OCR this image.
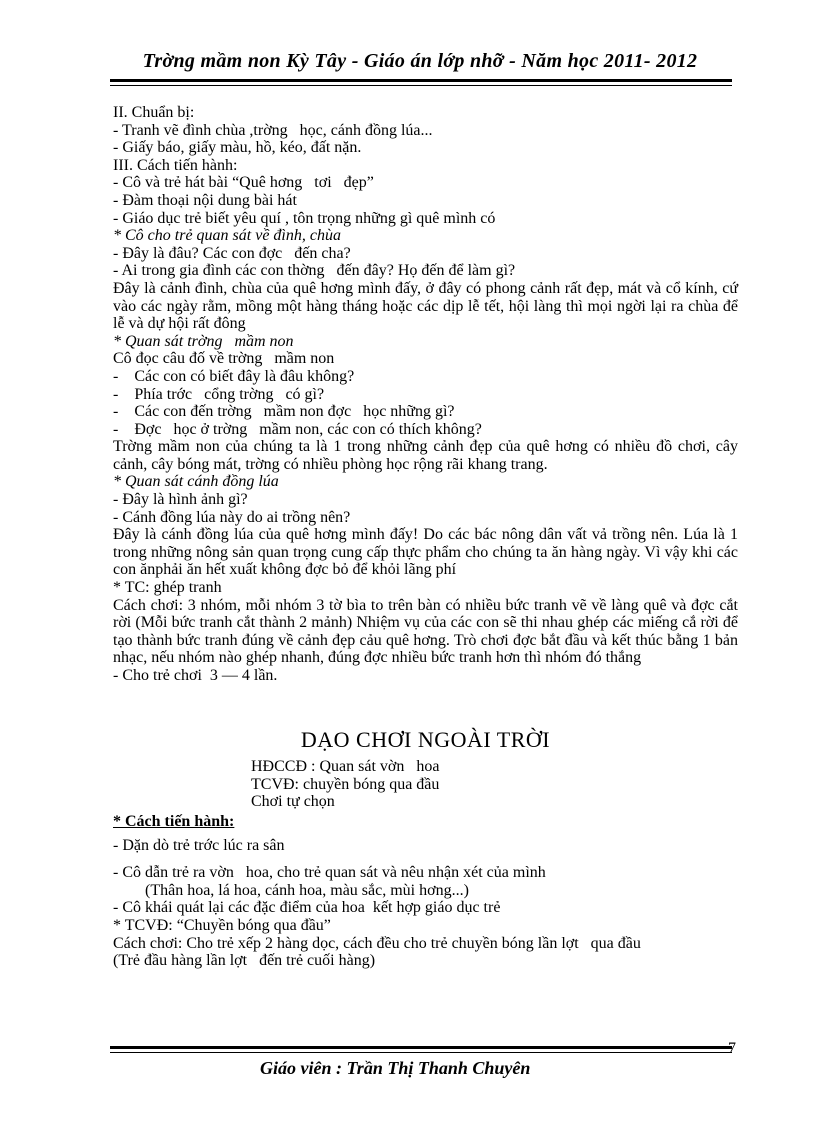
Trờng mầm non Kỳ Tây - Giáo án lớp nhỡ - Năm học 2011- 2012
II. Chuẩn bị:
- Tranh vẽ đình chùa ,trờng   học, cánh đồng lúa...
- Giấy báo, giấy màu, hồ, kéo, đất nặn.
III. Cách tiến hành:
- Cô và trẻ hát bài “Quê hơng   tơi   đẹp”
- Đàm thoại nội dung bài hát
- Giáo dục trẻ biết yêu quí , tôn trọng những gì quê mình có
* Cô cho trẻ quan sát về đình, chùa
- Đây là đâu? Các con đợc   đến cha?
- Ai trong gia đình các con thờng   đến đây? Họ đến để làm gì?
Đây là cảnh đình, chùa của quê hơng mình đấy, ở đây có phong cảnh rất đẹp, mát và cổ kính, cứ vào các ngày rằm, mồng một hàng tháng hoặc các dịp lễ tết, hội làng thì mọi ngời lại ra chùa để lễ và dự hội rất đông
* Quan sát trờng   mầm non
Cô đọc câu đố về trờng   mầm non
-    Các con có biết đây là đâu không?
-    Phía trớc   cổng trờng   có gì?
-    Các con đến trờng   mầm non đợc   học những gì?
-    Đợc   học ở trờng   mầm non, các con có thích không?
Trờng mầm non của chúng ta là 1 trong những cảnh đẹp của quê hơng có nhiều đồ chơi, cây cảnh, cây bóng mát, trờng có nhiều phòng học rộng rãi khang trang.
* Quan sát cánh đồng lúa
- Đây là hình ảnh gì?
- Cánh đồng lúa này do ai trồng nên?
Đây là cánh đồng lúa của quê hơng mình đấy! Do các bác nông dân vất vả trồng nên. Lúa là 1 trong những nông sản quan trọng cung cấp thực phẩm cho chúng ta ăn hàng ngày. Vì vậy khi các con ănphải ăn hết xuất không đợc bỏ để khỏi lãng phí
* TC: ghép tranh
Cách chơi: 3 nhóm, mỗi nhóm 3 tờ bìa to trên bàn có nhiều bức tranh vẽ về làng quê và đợc cắt rời (Mỗi bức tranh cắt thành 2 mảnh) Nhiệm vụ của các con sẽ thi nhau ghép các miếng cắ rời để tạo thành bức tranh đúng về cảnh đẹp cảu quê hơng. Trò chơi đợc bắt đầu và kết thúc bằng 1 bản nhạc, nếu nhóm nào ghép nhanh, đúng đợc nhiều bức tranh hơn thì nhóm đó thắng
- Cho trẻ chơi  3 — 4 lần.
DẠO CHƠI NGOÀI TRỜI
HĐCCĐ : Quan sát vờn   hoa
TCVĐ: chuyền bóng qua đầu
Chơi tự chọn
* Cách tiến hành:
- Dặn dò trẻ trớc lúc ra sân
- Cô dẫn trẻ ra vờn   hoa, cho trẻ quan sát và nêu nhận xét của mình
(Thân hoa, lá hoa, cánh hoa, màu sắc, mùi hơng...)
- Cô khái quát lại các đặc điểm của hoa  kết hợp giáo dục trẻ
* TCVĐ: “Chuyền bóng qua đầu”
Cách chơi: Cho trẻ xếp 2 hàng dọc, cách đều cho trẻ chuyền bóng lần lợt   qua đầu
(Trẻ đầu hàng lần lợt   đến trẻ cuối hàng)
7
Giáo viên : Trần Thị Thanh Chuyên
